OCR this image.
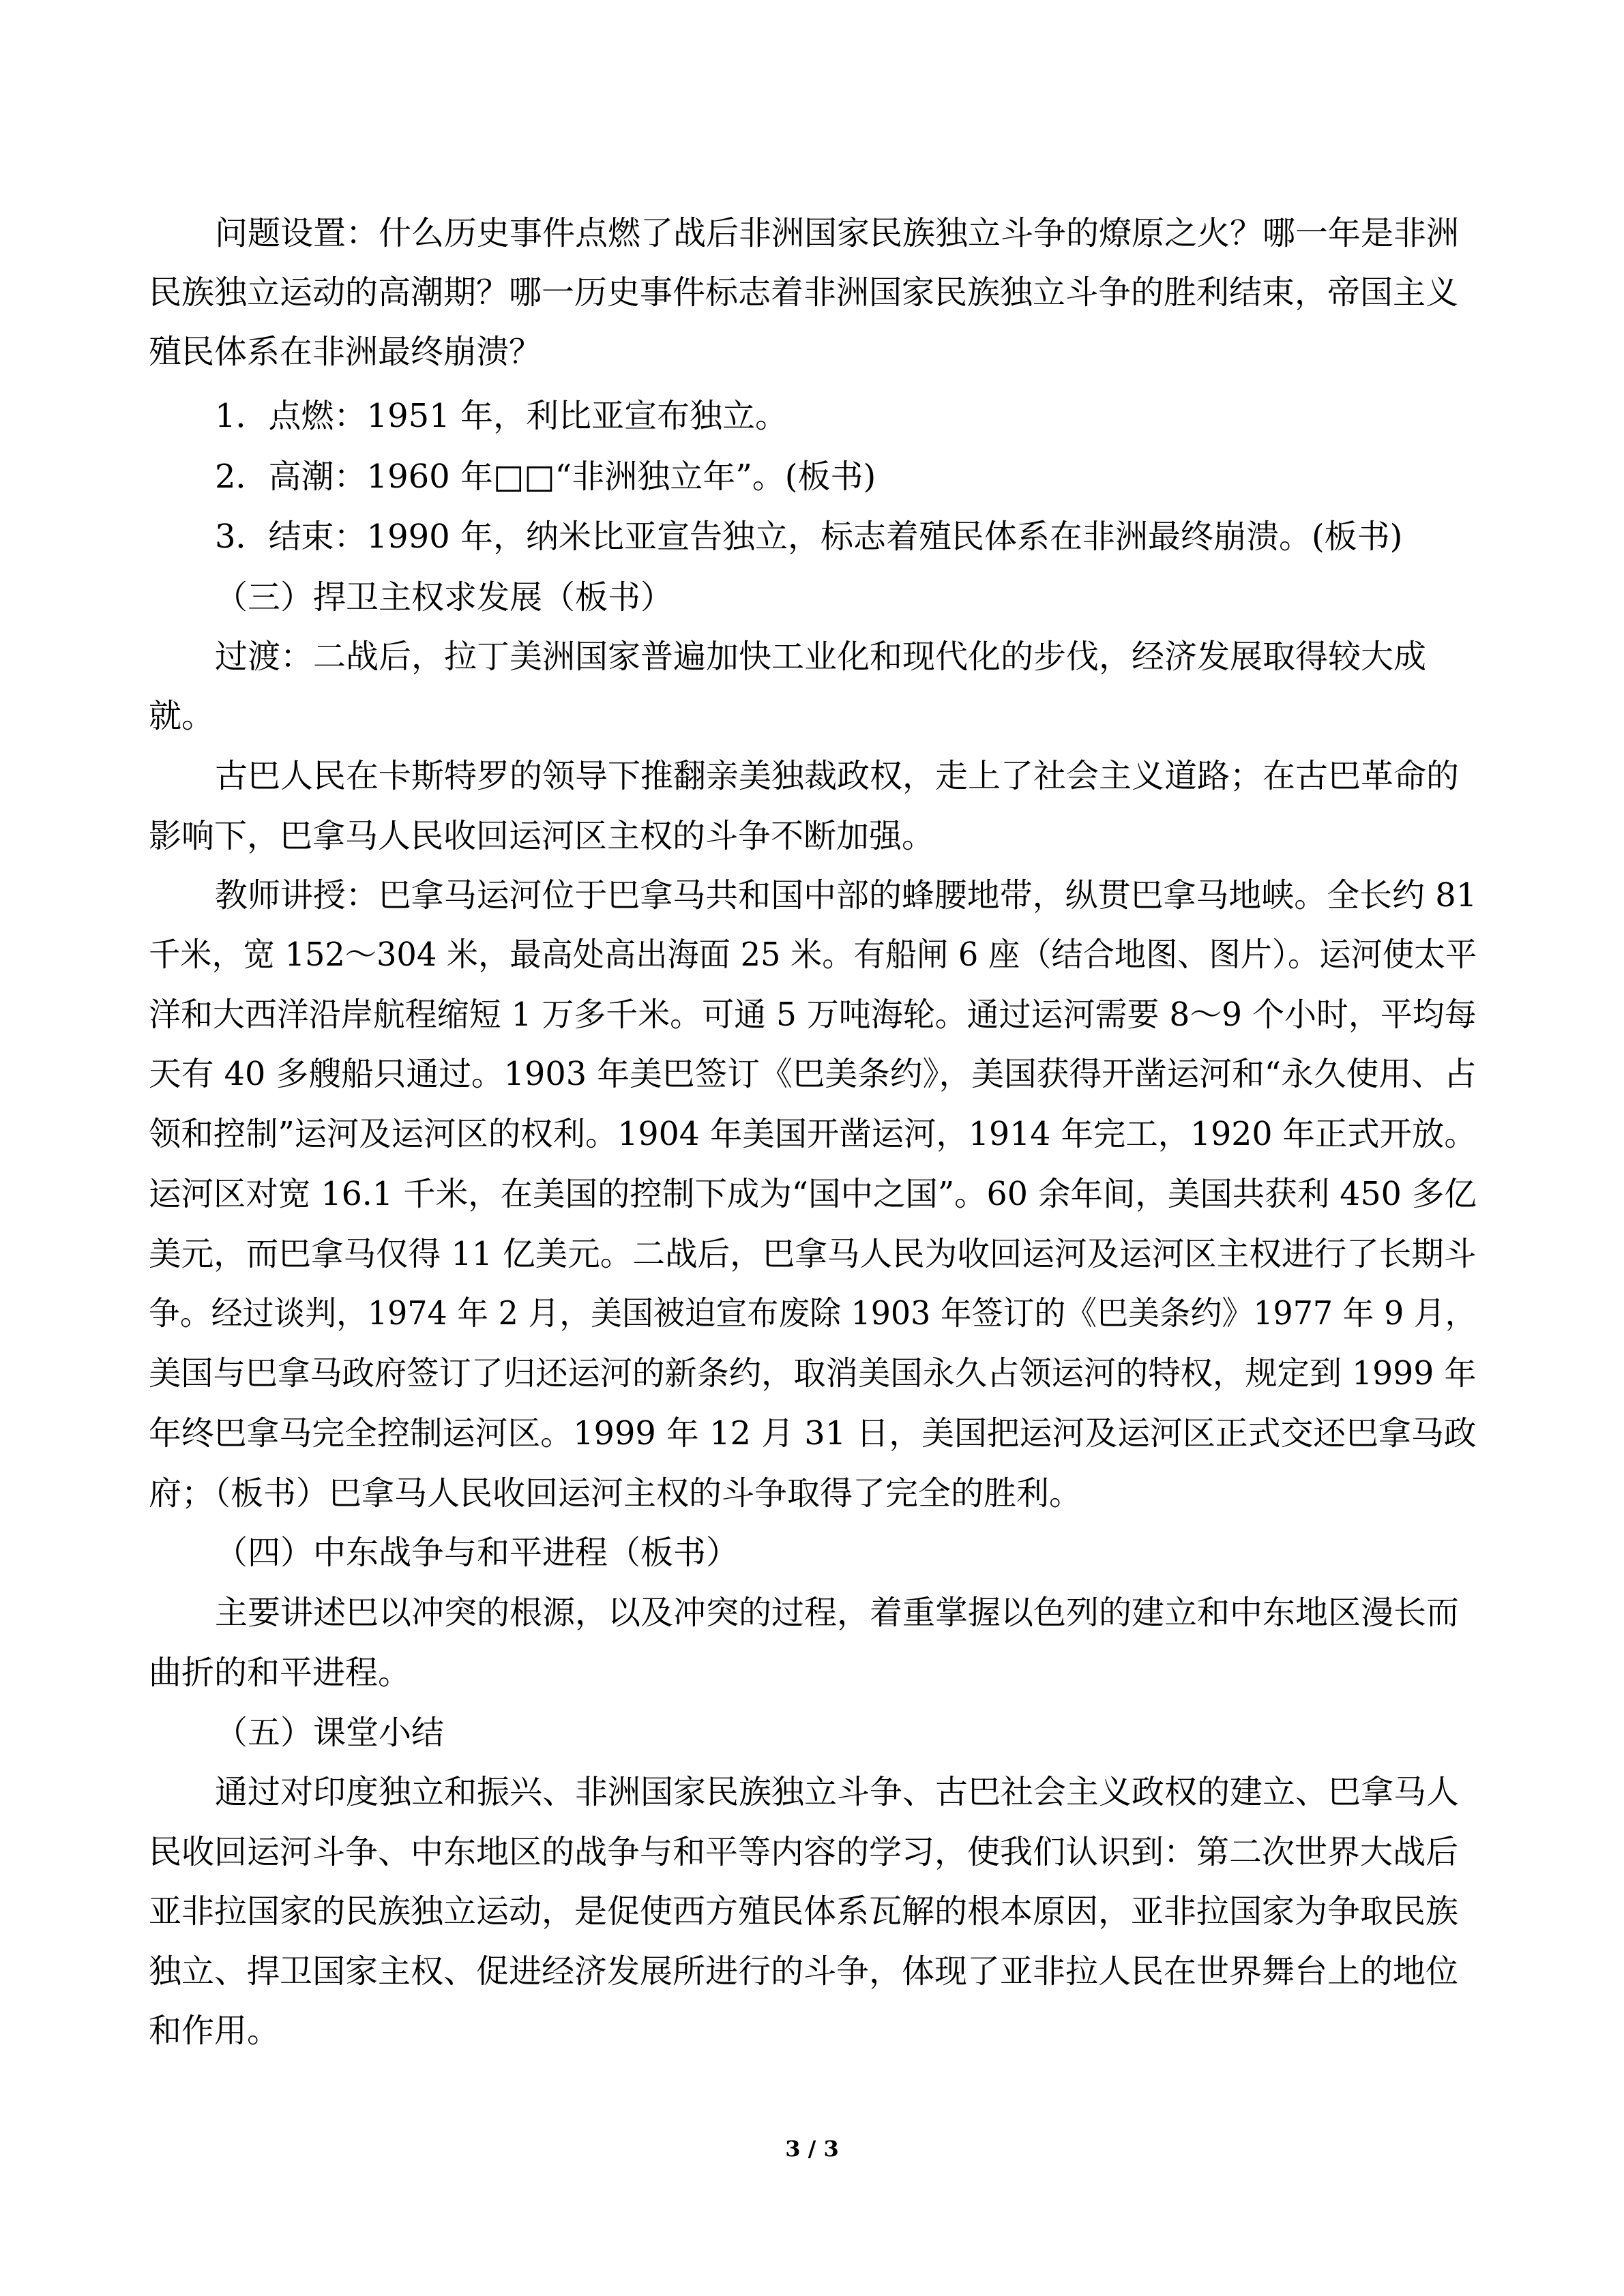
问题设置：什么历史事件点燃了战后非洲国家民族独立斗争的燎原之火？哪一年是非洲
民族独立运动的高潮期？哪一历史事件标志着非洲国家民族独立斗争的胜利结束，帝国主义
殖民体系在非洲最终崩溃？
1．点燃：1951 年，利比亚宣布独立。
2．高潮：1960 年□□“非洲独立年”。(板书)
3．结束：1990 年，纳米比亚宣告独立，标志着殖民体系在非洲最终崩溃。(板书)
（三）捍卫主权求发展（板书）
过渡：二战后，拉丁美洲国家普遍加快工业化和现代化的步伐，经济发展取得较大成
就。
古巴人民在卡斯特罗的领导下推翻亲美独裁政权，走上了社会主义道路；在古巴革命的
影响下，巴拿马人民收回运河区主权的斗争不断加强。
教师讲授：巴拿马运河位于巴拿马共和国中部的蜂腰地带，纵贯巴拿马地峡。全长约 81
千米，宽 152～304 米，最高处高出海面 25 米。有船闸 6 座（结合地图、图片）。运河使太平
洋和大西洋沿岸航程缩短 1 万多千米。可通 5 万吨海轮。通过运河需要 8～9 个小时，平均每
天有 40 多艘船只通过。1903 年美巴签订《巴美条约》，美国获得开凿运河和“永久使用、占
领和控制”运河及运河区的权利。1904 年美国开凿运河，1914 年完工，1920 年正式开放。
运河区对宽 16.1 千米，在美国的控制下成为“国中之国”。60 余年间，美国共获利 450 多亿
美元，而巴拿马仅得 11 亿美元。二战后，巴拿马人民为收回运河及运河区主权进行了长期斗
争。经过谈判，1974 年 2 月，美国被迫宣布废除 1903 年签订的《巴美条约》1977 年 9 月，
美国与巴拿马政府签订了归还运河的新条约，取消美国永久占领运河的特权，规定到 1999 年
年终巴拿马完全控制运河区。1999 年 12 月 31 日，美国把运河及运河区正式交还巴拿马政
府；（板书）巴拿马人民收回运河主权的斗争取得了完全的胜利。
（四）中东战争与和平进程（板书）
主要讲述巴以冲突的根源，以及冲突的过程，着重掌握以色列的建立和中东地区漫长而
曲折的和平进程。
（五）课堂小结
通过对印度独立和振兴、非洲国家民族独立斗争、古巴社会主义政权的建立、巴拿马人
民收回运河斗争、中东地区的战争与和平等内容的学习，使我们认识到：第二次世界大战后
亚非拉国家的民族独立运动，是促使西方殖民体系瓦解的根本原因，亚非拉国家为争取民族
独立、捍卫国家主权、促进经济发展所进行的斗争，体现了亚非拉人民在世界舞台上的地位
和作用。
3 / 3
